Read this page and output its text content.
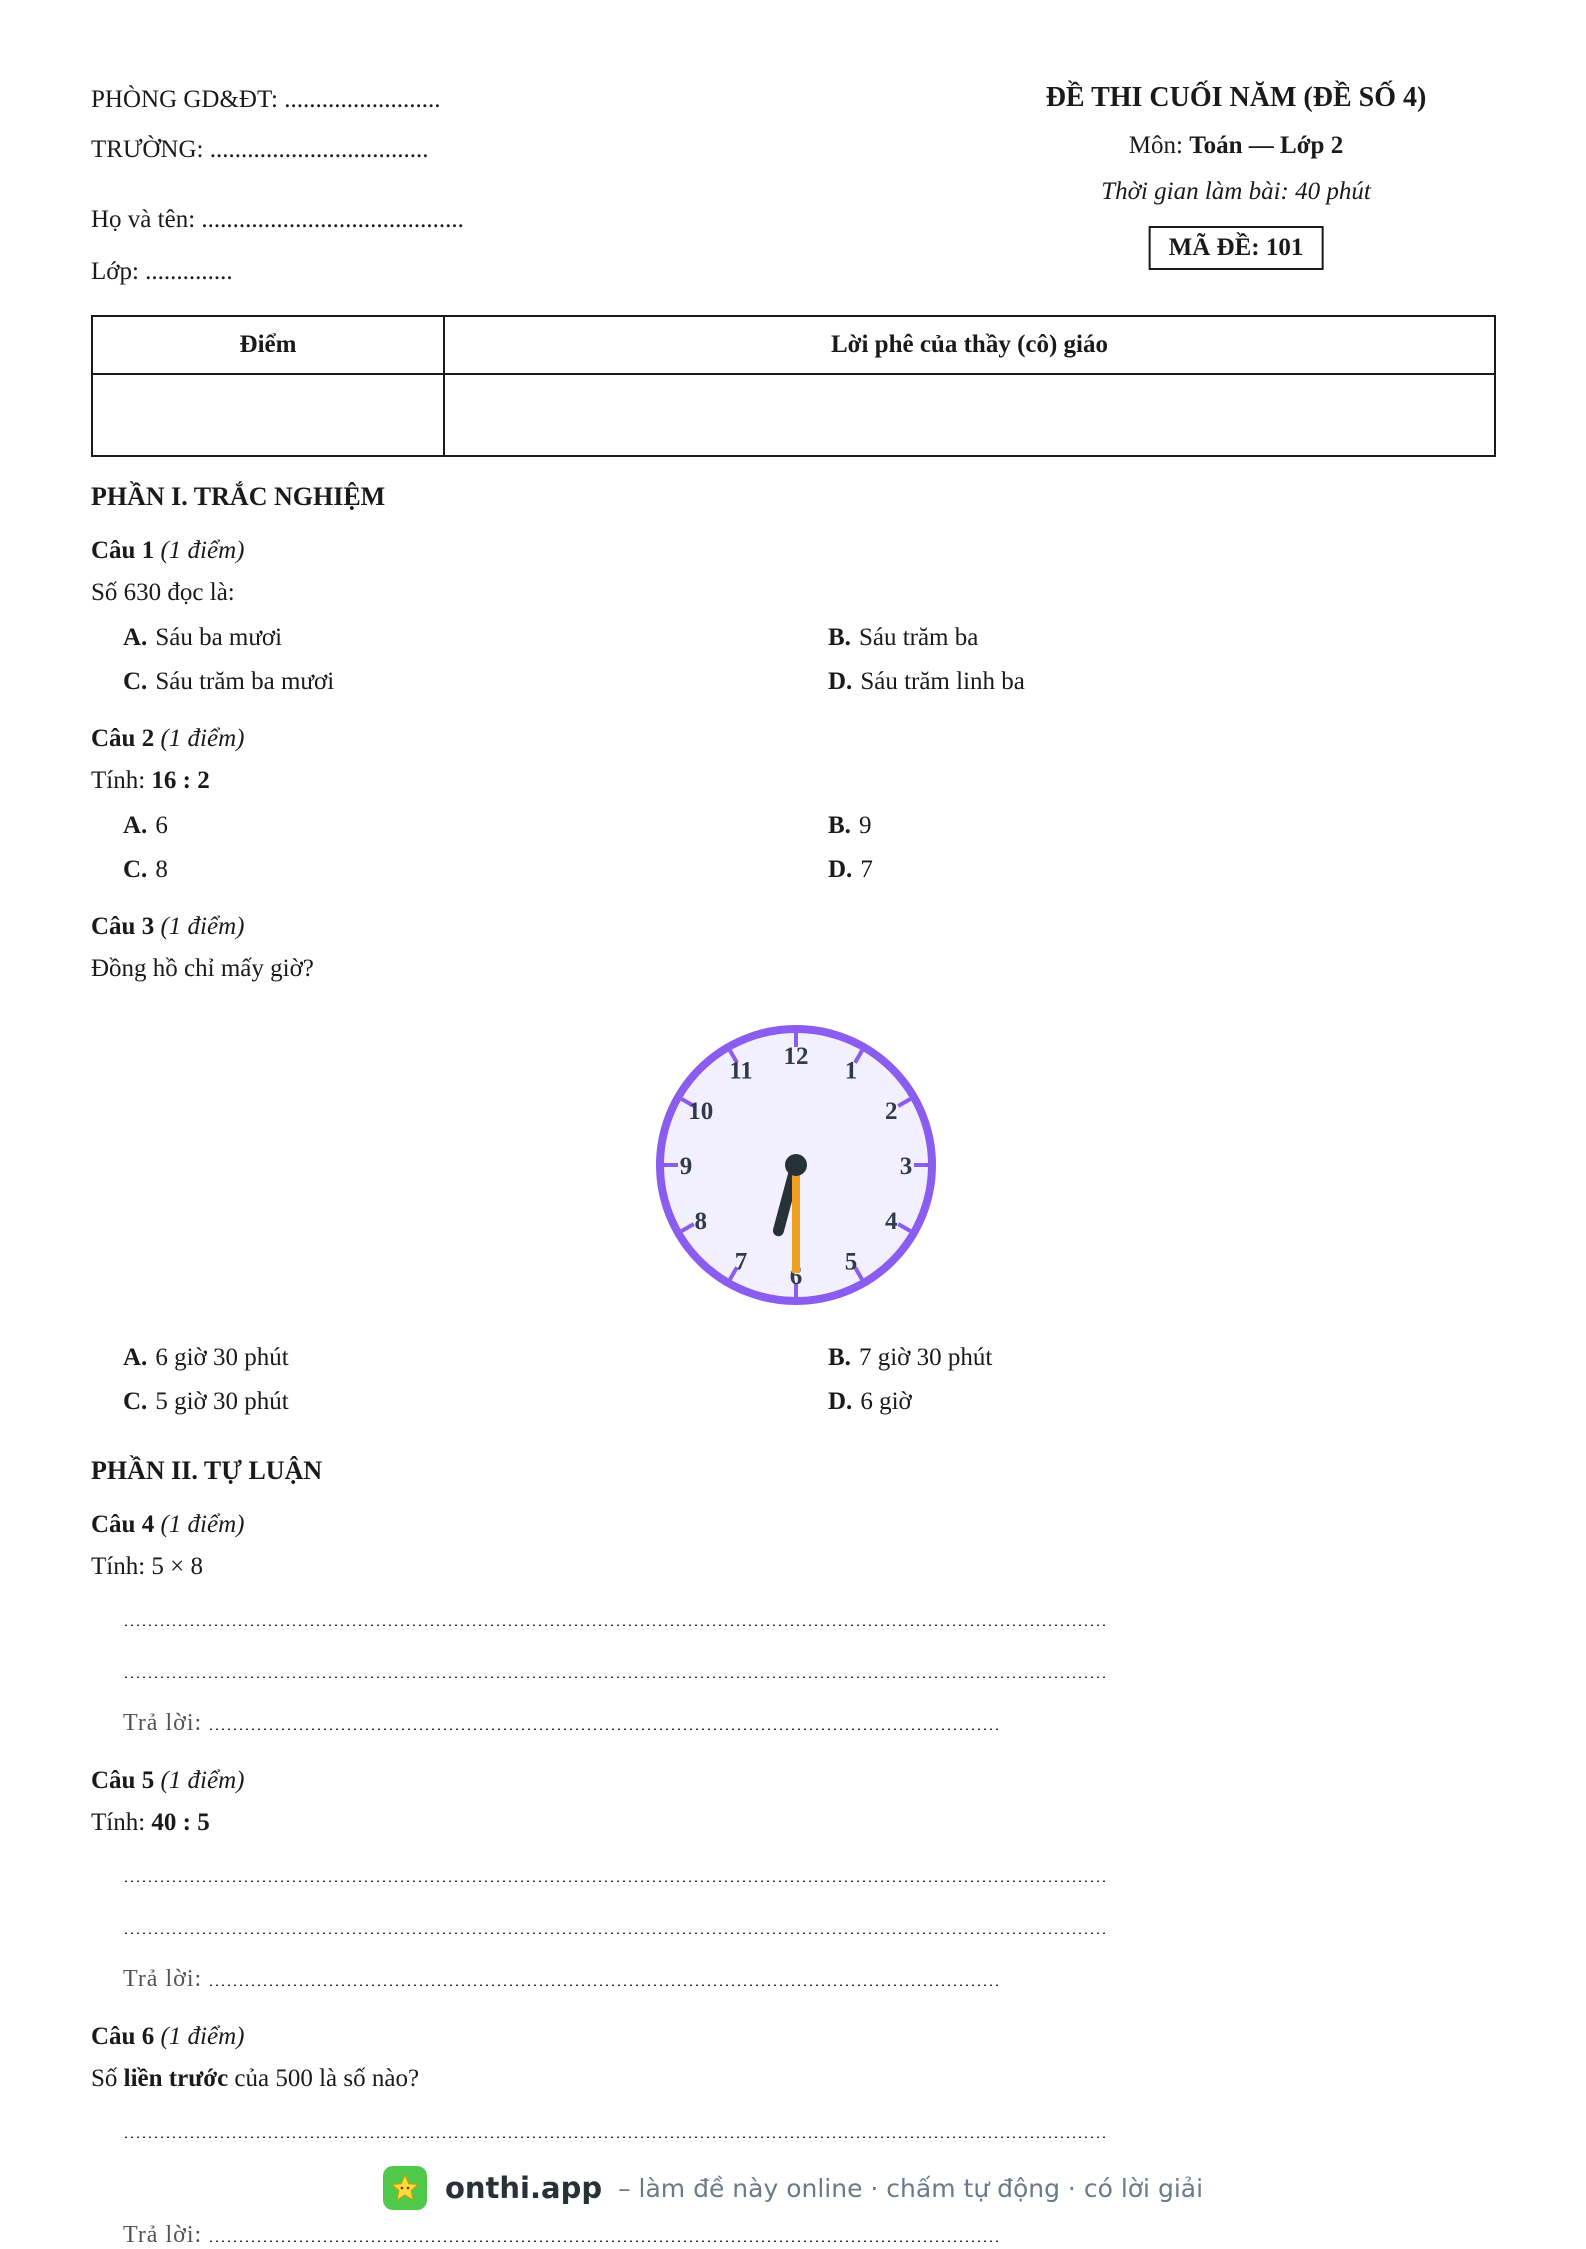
PHÒNG GD&ĐT: .........................
TRƯỜNG: ...................................
Họ và tên: ..........................................
Lớp: ..............
ĐỀ THI CUỐI NĂM (ĐỀ SỐ 4)
Môn: Toán — Lớp 2
Thời gian làm bài: 40 phút
MÃ ĐỀ: 101
Điểm	Lời phê của thầy (cô) giáo

PHẦN I. TRẮC NGHIỆM
Câu 1 (1 điểm)
Số 630 đọc là:
A. Sáu ba mươi	B. Sáu trăm ba
C. Sáu trăm ba mươi	D. Sáu trăm linh ba
Câu 2 (1 điểm)
Tính: 16 : 2
A. 6	B. 9
C. 8	D. 7
Câu 3 (1 điểm)
Đồng hồ chỉ mấy giờ?
12
1
2
3
4
5
6
7
8
9
10
11
A. 6 giờ 30 phút	B. 7 giờ 30 phút
C. 5 giờ 30 phút	D. 6 giờ
PHẦN II. TỰ LUẬN
Câu 4 (1 điểm)
Tính: 5 × 8
Trả lời:
Câu 5 (1 điểm)
Tính: 40 : 5
Trả lời:
Câu 6 (1 điểm)
Số liền trước của 500 là số nào?
Trả lời:
onthi.app – làm đề này online · chấm tự động · có lời giải
